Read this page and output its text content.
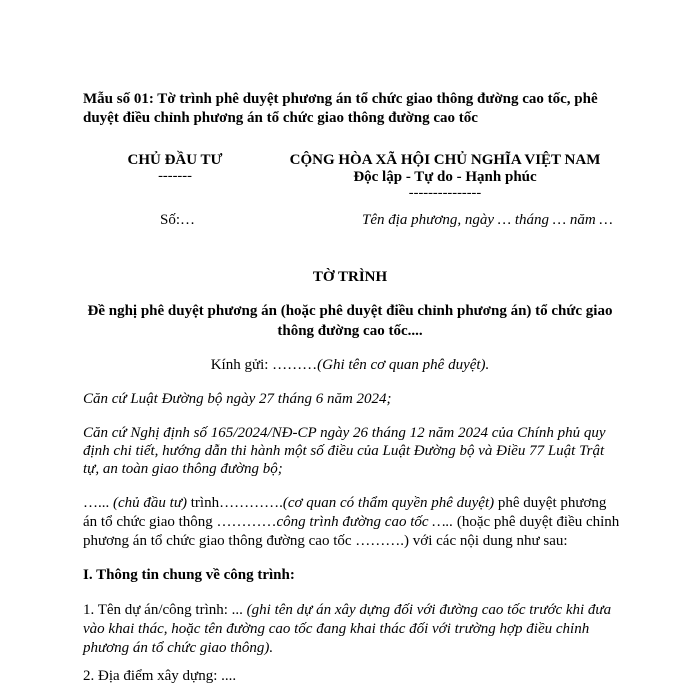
Mẫu số 01: Tờ trình phê duyệt phương án tổ chức giao thông đường cao tốc, phê
duyệt điều chỉnh phương án tổ chức giao thông đường cao tốc
CHỦ ĐẦU TƯ
-------
CỘNG HÒA XÃ HỘI CHỦ NGHĨA VIỆT NAM
Độc lập - Tự do - Hạnh phúc
---------------
Số:…	Tên địa phương, ngày … tháng … năm …
TỜ TRÌNH
Đề nghị phê duyệt phương án (hoặc phê duyệt điều chỉnh phương án) tổ chức giao
thông đường cao tốc....
Kính gửi: ………(Ghi tên cơ quan phê duyệt).
Căn cứ Luật Đường bộ ngày 27 tháng 6 năm 2024;
Căn cứ Nghị định số 165/2024/NĐ-CP ngày 26 tháng 12 năm 2024 của Chính phủ quy định chi tiết, hướng dẫn thi hành một số điều của Luật Đường bộ và Điều 77 Luật Trật tự, an toàn giao thông đường bộ;
…... (chủ đầu tư) trình………….(cơ quan có thẩm quyền phê duyệt) phê duyệt phương án tổ chức giao thông …………công trình đường cao tốc ….. (hoặc phê duyệt điều chỉnh phương án tổ chức giao thông đường cao tốc ……….) với các nội dung như sau:
I. Thông tin chung về công trình:
1. Tên dự án/công trình: ... (ghi tên dự án xây dựng đối với đường cao tốc trước khi đưa vào khai thác, hoặc tên đường cao tốc đang khai thác đối với trường hợp điều chỉnh phương án tổ chức giao thông).
2. Địa điểm xây dựng: ....
